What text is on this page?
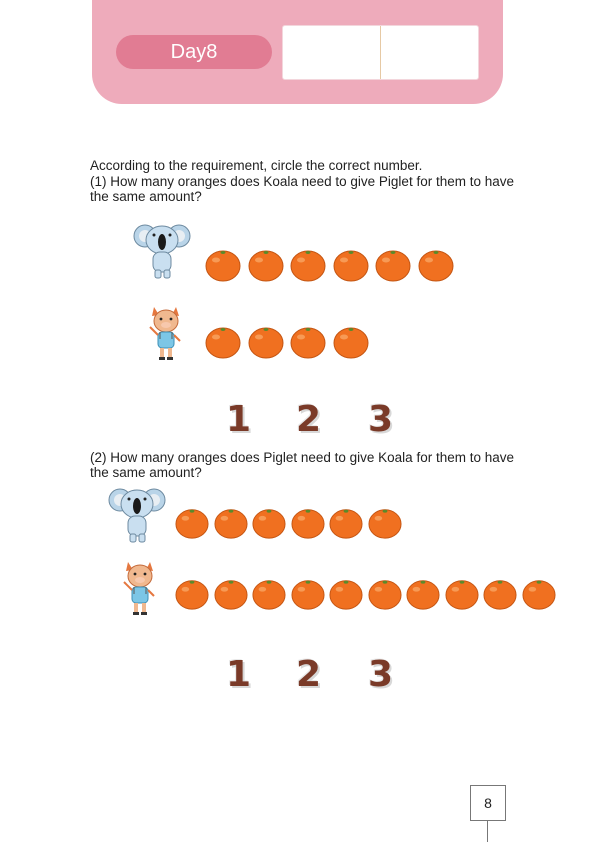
Day8
According to the requirement, circle the correct number.
(1) How many oranges does Koala need to give Piglet for them to have
the same amount?
1 2 3
(2) How many oranges does Piglet need to give Koala for them to have
the same amount?
1 2 3
8
